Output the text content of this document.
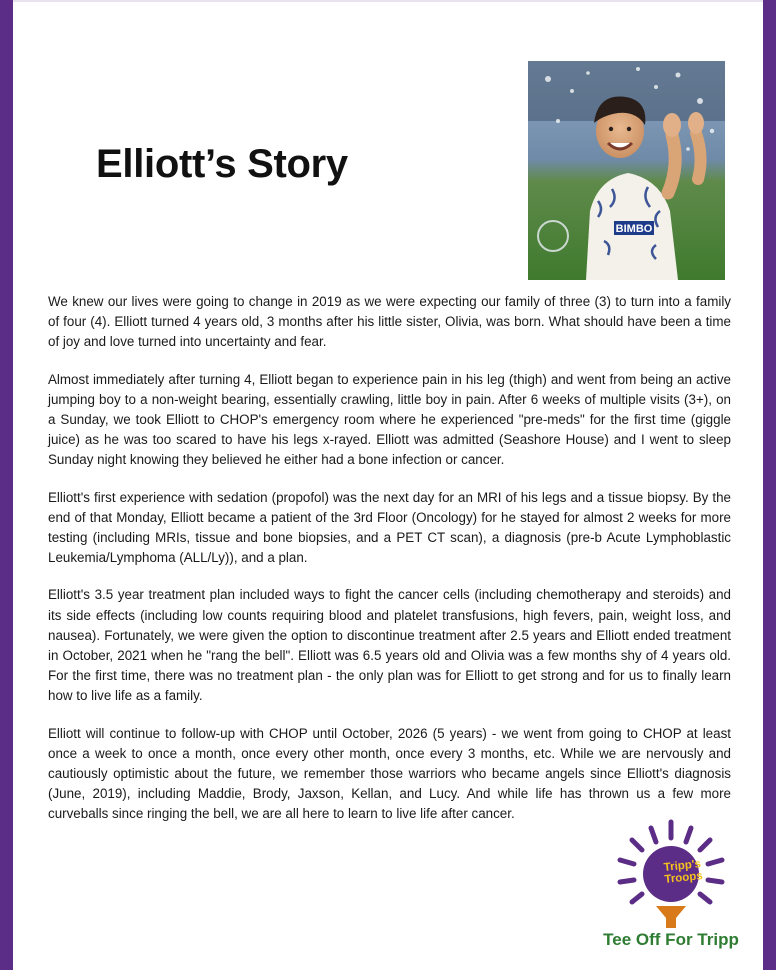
Elliott’s Story
BIMBO

We knew our lives were going to change in 2019 as we were expecting our family of three (3) to turn into a family of four (4). Elliott turned 4 years old, 3 months after his little sister, Olivia, was born. What should have been a time of joy and love turned into uncertainty and fear.

Almost immediately after turning 4, Elliott began to experience pain in his leg (thigh) and went from being an active jumping boy to a non-weight bearing, essentially crawling, little boy in pain. After 6 weeks of multiple visits (3+), on a Sunday, we took Elliott to CHOP's emergency room where he experienced "pre-meds" for the first time (giggle juice) as he was too scared to have his legs x-rayed. Elliott was admitted (Seashore House) and I went to sleep Sunday night knowing they believed he either had a bone infection or cancer.

Elliott's first experience with sedation (propofol) was the next day for an MRI of his legs and a tissue biopsy. By the end of that Monday, Elliott became a patient of the 3rd Floor (Oncology) for he stayed for almost 2 weeks for more testing (including MRIs, tissue and bone biopsies, and a PET CT scan), a diagnosis (pre-b Acute Lymphoblastic Leukemia/Lymphoma (ALL/Ly)), and a plan.

Elliott's 3.5 year treatment plan included ways to fight the cancer cells (including chemotherapy and steroids) and its side effects (including low counts requiring blood and platelet transfusions, high fevers, pain, weight loss, and nausea). Fortunately, we were given the option to discontinue treatment after 2.5 years and Elliott ended treatment in October, 2021 when he "rang the bell". Elliott was 6.5 years old and Olivia was a few months shy of 4 years old. For the first time, there was no treatment plan - the only plan was for Elliott to get strong and for us to finally learn how to live life as a family.

Elliott will continue to follow-up with CHOP until October, 2026 (5 years) - we went from going to CHOP at least once a week to once a month, once every other month, once every 3 months, etc. While we are nervously and cautiously optimistic about the future, we remember those warriors who became angels since Elliott's diagnosis (June, 2019), including Maddie, Brody, Jaxson, Kellan, and Lucy. And while life has thrown us a few more curveballs since ringing the bell, we are all here to learn to live life after cancer.

Tripp's
Troops
Tee Off For Tripp
